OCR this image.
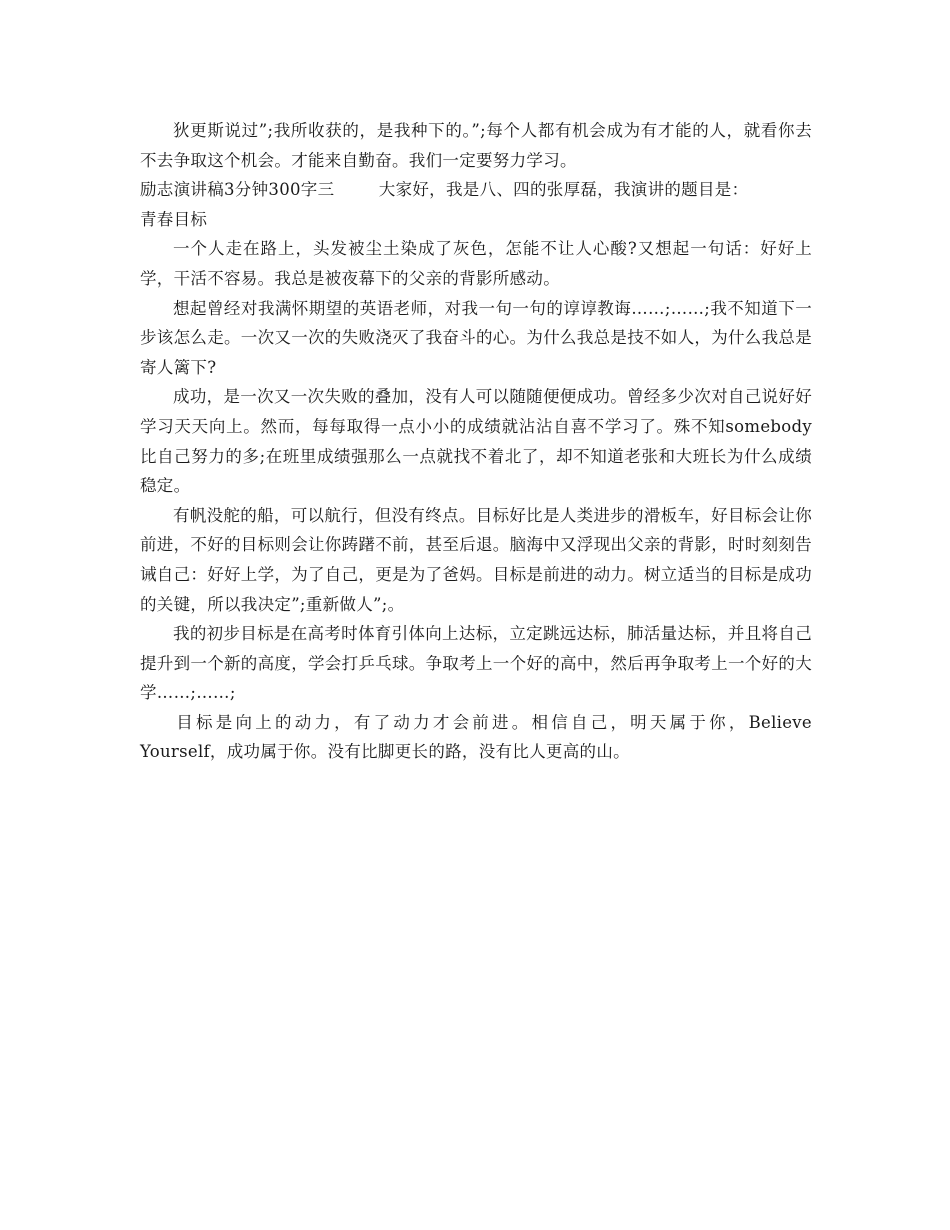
狄更斯说过”;我所收获的，是我种下的。”;每个人都有机会成为有才能的人，就看你去不去争取这个机会。才能来自勤奋。我们一定要努力学习。

励志演讲稿3分钟300字三	大家好，我是八、四的张厚磊，我演讲的题目是：

青春目标

一个人走在路上，头发被尘土染成了灰色，怎能不让人心酸?又想起一句话：好好上学，干活不容易。我总是被夜幕下的父亲的背影所感动。

想起曾经对我满怀期望的英语老师，对我一句一句的谆谆教诲……;……;我不知道下一步该怎么走。一次又一次的失败浇灭了我奋斗的心。为什么我总是技不如人，为什么我总是寄人篱下?

成功，是一次又一次失败的叠加，没有人可以随随便便成功。曾经多少次对自己说好好学习天天向上。然而，每每取得一点小小的成绩就沾沾自喜不学习了。殊不知somebody比自己努力的多;在班里成绩强那么一点就找不着北了，却不知道老张和大班长为什么成绩稳定。

有帆没舵的船，可以航行，但没有终点。目标好比是人类进步的滑板车，好目标会让你前进，不好的目标则会让你踌躇不前，甚至后退。脑海中又浮现出父亲的背影，时时刻刻告诫自己：好好上学，为了自己，更是为了爸妈。目标是前进的动力。树立适当的目标是成功的关键，所以我决定”;重新做人”;。

我的初步目标是在高考时体育引体向上达标，立定跳远达标，肺活量达标，并且将自己提升到一个新的高度，学会打乒乓球。争取考上一个好的高中，然后再争取考上一个好的大学……;……;

目标是向上的动力，有了动力才会前进。相信自己，明天属于你，Believe Yourself，成功属于你。没有比脚更长的路，没有比人更高的山。
